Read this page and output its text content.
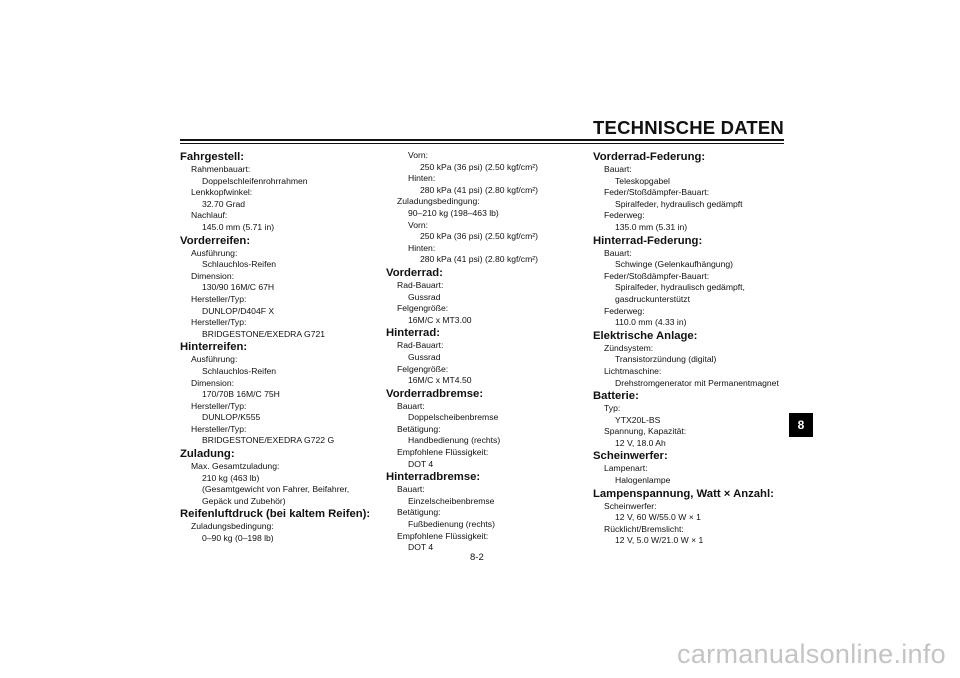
TECHNISCHE DATEN
Fahrgestell:
Rahmenbauart:
Doppelschleifenrohrrahmen
Lenkkopfwinkel:
32.70 Grad
Nachlauf:
145.0 mm (5.71 in)
Vorderreifen:
Ausführung:
Schlauchlos-Reifen
Dimension:
130/90 16M/C 67H
Hersteller/Typ:
DUNLOP/D404F X
Hersteller/Typ:
BRIDGESTONE/EXEDRA G721
Hinterreifen:
Ausführung:
Schlauchlos-Reifen
Dimension:
170/70B 16M/C 75H
Hersteller/Typ:
DUNLOP/K555
Hersteller/Typ:
BRIDGESTONE/EXEDRA G722 G
Zuladung:
Max. Gesamtzuladung:
210 kg (463 lb)
(Gesamtgewicht von Fahrer, Beifahrer,
Gepäck und Zubehör)
Reifenluftdruck (bei kaltem Reifen):
Zuladungsbedingung:
0–90 kg (0–198 lb)
Vorn:
250 kPa (36 psi) (2.50 kgf/cm²)
Hinten:
280 kPa (41 psi) (2.80 kgf/cm²)
Zuladungsbedingung:
90–210 kg (198–463 lb)
Vorn:
250 kPa (36 psi) (2.50 kgf/cm²)
Hinten:
280 kPa (41 psi) (2.80 kgf/cm²)
Vorderrad:
Rad-Bauart:
Gussrad
Felgengröße:
16M/C x MT3.00
Hinterrad:
Rad-Bauart:
Gussrad
Felgengröße:
16M/C x MT4.50
Vorderradbremse:
Bauart:
Doppelscheibenbremse
Betätigung:
Handbedienung (rechts)
Empfohlene Flüssigkeit:
DOT 4
Hinterradbremse:
Bauart:
Einzelscheibenbremse
Betätigung:
Fußbedienung (rechts)
Empfohlene Flüssigkeit:
DOT 4
Vorderrad-Federung:
Bauart:
Teleskopgabel
Feder/Stoßdämpfer-Bauart:
Spiralfeder, hydraulisch gedämpft
Federweg:
135.0 mm (5.31 in)
Hinterrad-Federung:
Bauart:
Schwinge (Gelenkaufhängung)
Feder/Stoßdämpfer-Bauart:
Spiralfeder, hydraulisch gedämpft,
gasdruckunterstützt
Federweg:
110.0 mm (4.33 in)
Elektrische Anlage:
Zündsystem:
Transistorzündung (digital)
Lichtmaschine:
Drehstromgenerator mit Permanentmagnet
Batterie:
Typ:
YTX20L-BS
Spannung, Kapazität:
12 V, 18.0 Ah
Scheinwerfer:
Lampenart:
Halogenlampe
Lampenspannung, Watt × Anzahl:
Scheinwerfer:
12 V, 60 W/55.0 W × 1
Rücklicht/Bremslicht:
12 V, 5.0 W/21.0 W × 1
8
8-2
carmanualsonline.info
